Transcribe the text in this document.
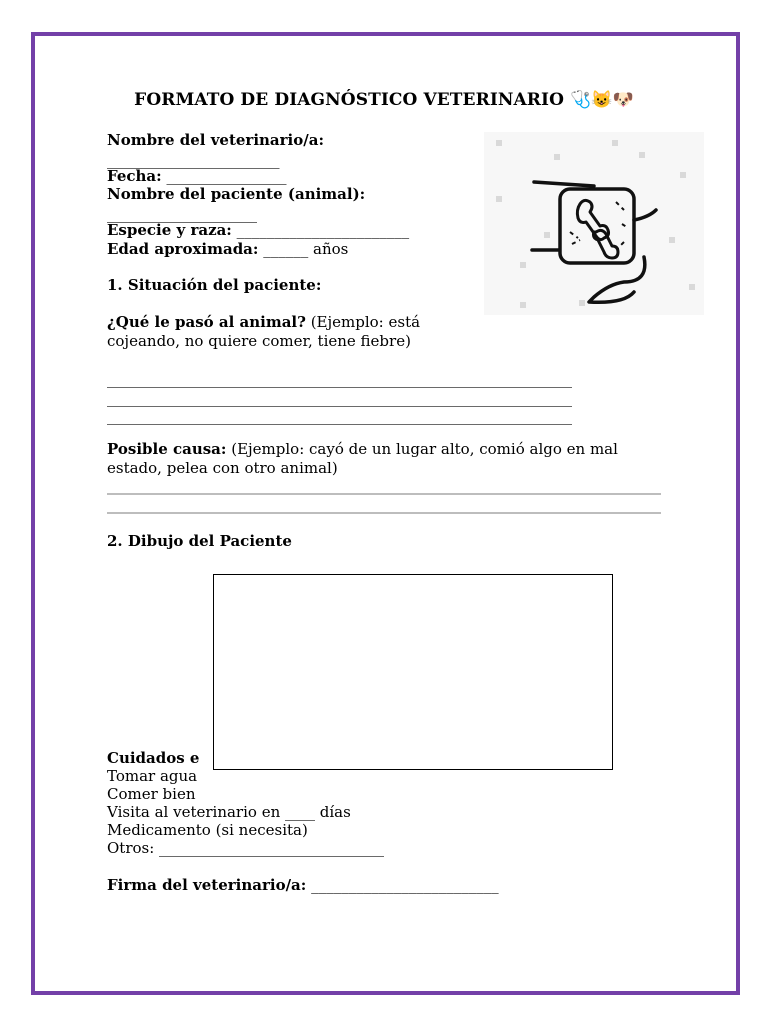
FORMATO DE DIAGNÓSTICO VETERINARIO 🩺😺🐶
Nombre del veterinario/a:
_______________________
Fecha: ________________
Nombre del paciente (animal):
____________________
Especie y raza: _______________________
Edad aproximada: ______ años
1. Situación del paciente:
¿Qué le pasó al animal? (Ejemplo: está cojeando, no quiere comer, tiene fiebre)
______________________________________________________________
______________________________________________________________
______________________________________________________________
Posible causa: (Ejemplo: cayó de un lugar alto, comió algo en mal estado, pelea con otro animal)
2. Dibujo del Paciente
Cuidados e
Tomar agua
Comer bien
Visita al veterinario en ____ días
Medicamento (si necesita)
Otros: ______________________________
Firma del veterinario/a: _________________________
